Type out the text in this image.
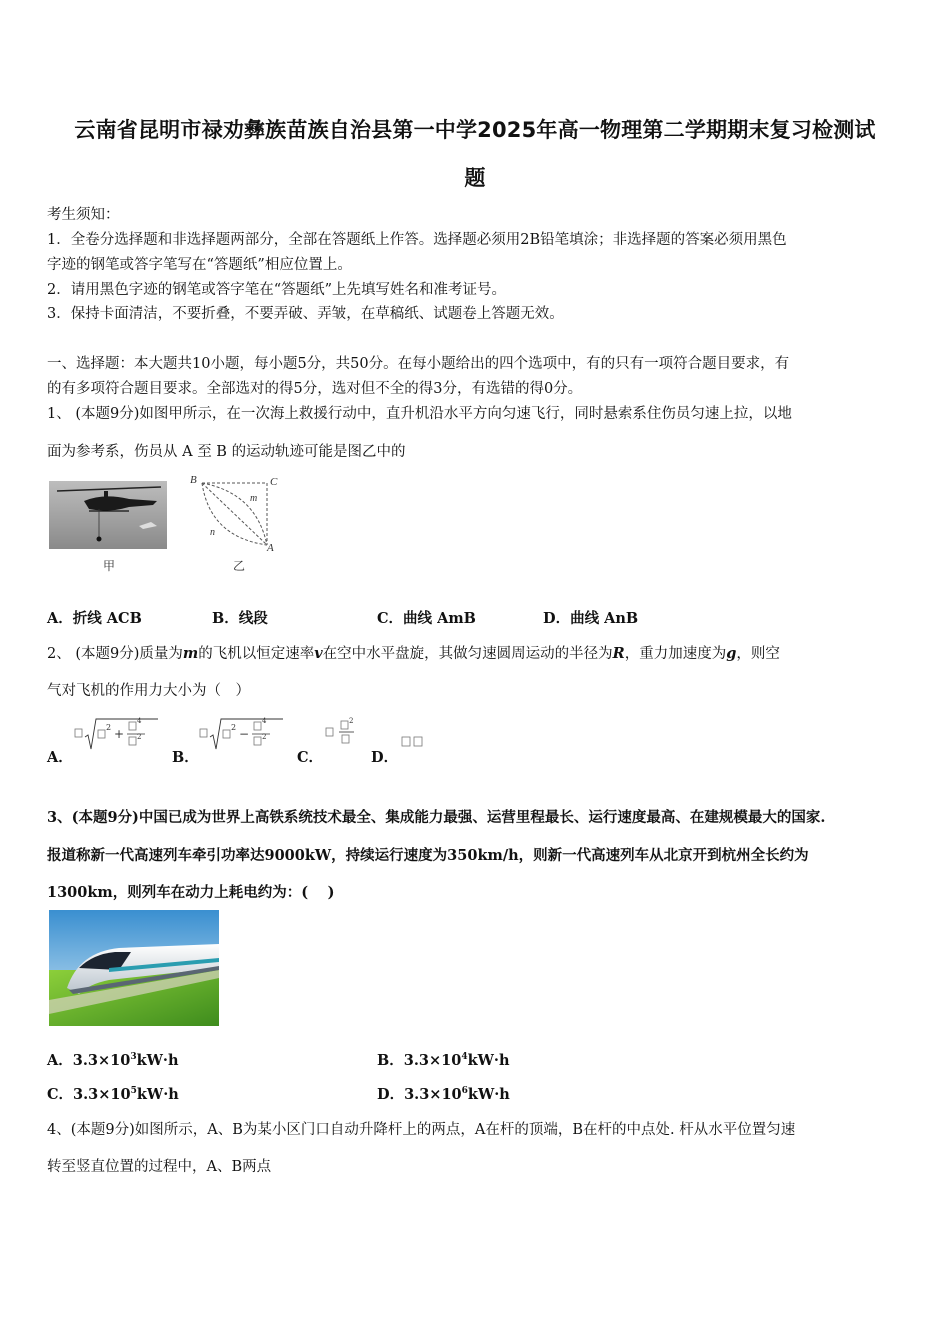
云南省昆明市禄劝彝族苗族自治县第一中学2025年高一物理第二学期期末复习检测试
题
考生须知：
1．全卷分选择题和非选择题两部分，全部在答题纸上作答。选择题必须用2B铅笔填涂；非选择题的答案必须用黑色
字迹的钢笔或答字笔写在“答题纸”相应位置上。
2．请用黑色字迹的钢笔或答字笔在“答题纸”上先填写姓名和准考证号。
3．保持卡面清洁，不要折叠，不要弄破、弄皱，在草稿纸、试题卷上答题无效。
一、选择题：本大题共10小题，每小题5分，共50分。在每小题给出的四个选项中，有的只有一项符合题目要求，有
的有多项符合题目要求。全部选对的得5分，选对但不全的得3分，有选错的得0分。
1、 (本题9分)如图甲所示，在一次海上救援行动中，直升机沿水平方向匀速飞行，同时悬索系住伤员匀速上拉，以地
面为参考系，伤员从 A 至 B 的运动轨迹可能是图乙中的
甲
B	C
A
m
n
乙
A．折线 ACB	B．线段	C．曲线 AmB	D．曲线 AnB
2、 (本题9分)质量为m的飞机以恒定速率v在空中水平盘旋，其做匀速圆周运动的半径为R，重力加速度为g，则空
气对飞机的作用力大小为（　）
A．
2 +
4
2
B．
2 −
4
2
C．
2
D．
3、(本题9分)中国已成为世界上高铁系统技术最全、集成能力最强、运营里程最长、运行速度最高、在建规模最大的国家.
报道称新一代高速列车牵引功率达9000kW，持续运行速度为350km/h，则新一代高速列车从北京开到杭州全长约为
1300km，则列车在动力上耗电约为：(　 )
A．$3.3\times 10^3kW\cdot h$	B．$3.3\times 10^4kW\cdot h$
C．$3.3\times 10^5kW\cdot h$	D．$3.3\times 10^6kW\cdot h$
4、(本题9分)如图所示，A、B为某小区门口自动升降杆上的两点，A在杆的顶端，B在杆的中点处. 杆从水平位置匀速
转至竖直位置的过程中，A、B两点
